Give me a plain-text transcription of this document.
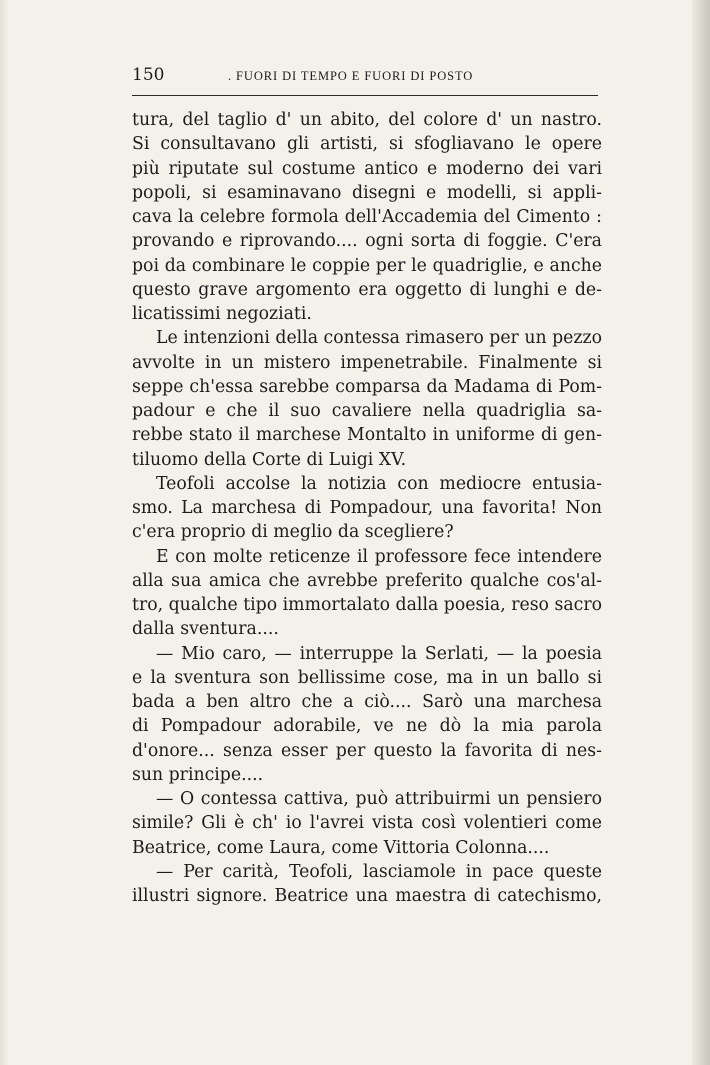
150	. FUORI DI TEMPO E FUORI DI POSTO
tura, del taglio d' un abito, del colore d' un nastro.
Si consultavano gli artisti, si sfogliavano le opere
più riputate sul costume antico e moderno dei vari
popoli, si esaminavano disegni e modelli, si appli-
cava la celebre formola dell'Accademia del Cimento :
provando e riprovando.... ogni sorta di foggie. C'era
poi da combinare le coppie per le quadriglie, e anche
questo grave argomento era oggetto di lunghi e de-
licatissimi negoziati.
Le intenzioni della contessa rimasero per un pezzo
avvolte in un mistero impenetrabile. Finalmente si
seppe ch'essa sarebbe comparsa da Madama di Pom-
padour e che il suo cavaliere nella quadriglia sa-
rebbe stato il marchese Montalto in uniforme di gen-
tiluomo della Corte di Luigi XV.
Teofoli accolse la notizia con mediocre entusia-
smo. La marchesa di Pompadour, una favorita! Non
c'era proprio di meglio da scegliere?
E con molte reticenze il professore fece intendere
alla sua amica che avrebbe preferito qualche cos'al-
tro, qualche tipo immortalato dalla poesia, reso sacro
dalla sventura....
— Mio caro, — interruppe la Serlati, — la poesia
e la sventura son bellissime cose, ma in un ballo si
bada a ben altro che a ciò.... Sarò una marchesa
di Pompadour adorabile, ve ne dò la mia parola
d'onore... senza esser per questo la favorita di nes-
sun principe....
— O contessa cattiva, può attribuirmi un pensiero
simile? Gli è ch' io l'avrei vista così volentieri come
Beatrice, come Laura, come Vittoria Colonna....
— Per carità, Teofoli, lasciamole in pace queste
illustri signore. Beatrice una maestra di catechismo,
